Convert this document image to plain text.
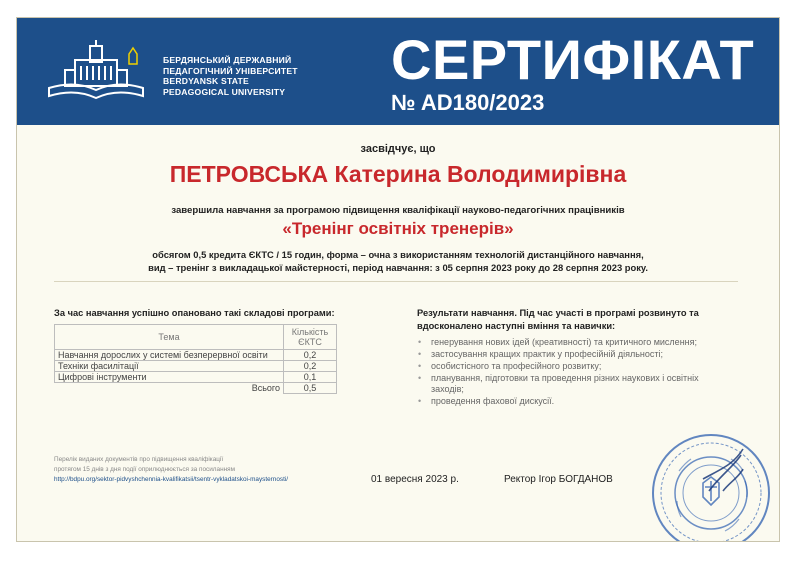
БЕРДЯНСЬКИЙ ДЕРЖАВНИЙ
ПЕДАГОГІЧНИЙ УНІВЕРСИТЕТ
BERDYANSK STATE
PEDAGOGICAL UNIVERSITY
СЕРТИФІКАТ
№ AD180/2023
засвідчує, що
ПЕТРОВСЬКА Катерина Володимирівна
завершила навчання за програмою підвищення кваліфікації науково-педагогічних працівників
«Тренінг освітніх тренерів»
обсягом 0,5 кредита ЄКТС / 15 годин, форма – очна з використанням технологій дистанційного навчання,
вид – тренінг з викладацької майстерності, період навчання: з 05 серпня 2023 року до 28 серпня 2023 року.
За час навчання успішно опановано такі складові програми:
Тема	Кількість ЄКТС
Навчання дорослих у системі безперервної освіти	0,2
Техніки фасилітації	0,2
Цифрові інструменти	0,1
Всього	0,5
Результати навчання. Під час участі в програмі розвинуто та вдосконалено наступні вміння та навички:
• генерування нових ідей (креативності) та критичного мислення;
• застосування кращих практик у професійній діяльності;
• особистісного та професійного розвитку;
• планування, підготовки та проведення різних наукових і освітніх заходів;
• проведення фахової дискусії.
Перелік виданих документів про підвищення кваліфікації
протягом 15 днів з дня події оприлюднюється за посиланням
http://bdpu.org/sektor-pidvyshchennia-kvalifikatsii/tsentr-vykladatskoi-maysternosti/	01 вересня 2023 р.	Ректор Ігор БОГДАНОВ
